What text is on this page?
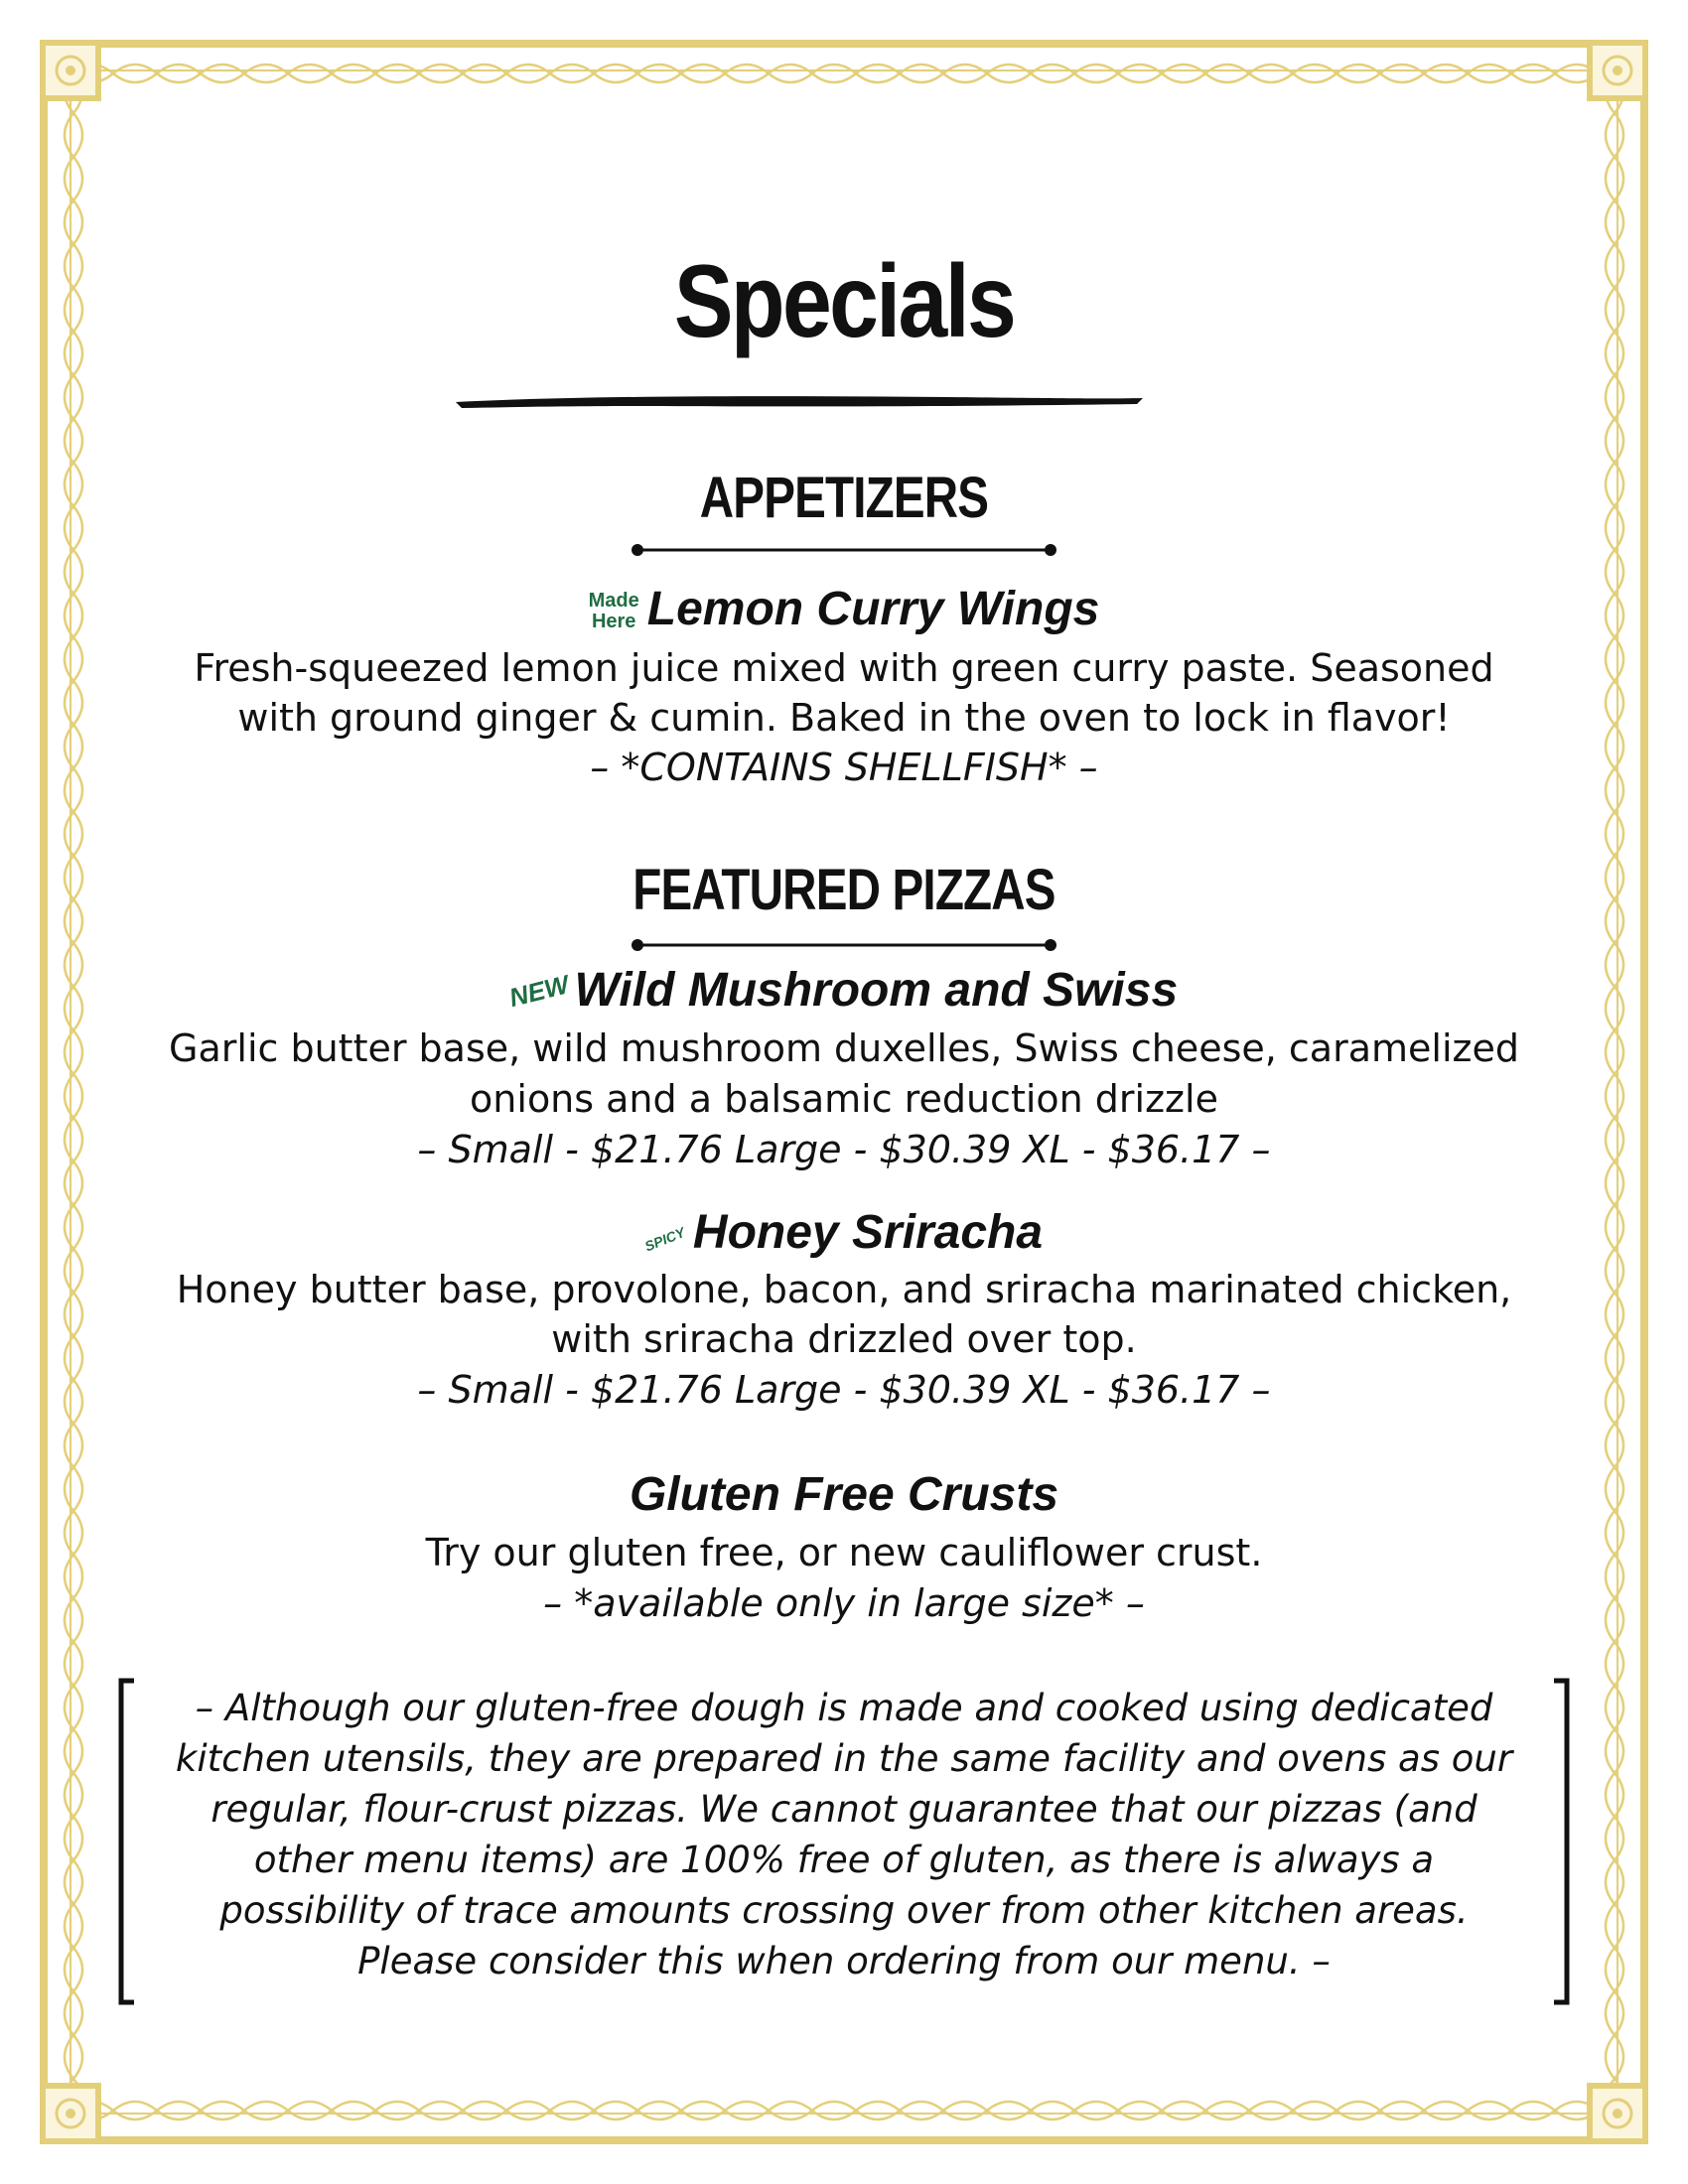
Specials
APPETIZERS
Made
Here Lemon Curry Wings
Fresh-squeezed lemon juice mixed with green curry paste. Seasoned
with ground ginger & cumin. Baked in the oven to lock in flavor!
– *CONTAINS SHELLFISH* –
FEATURED PIZZAS
NEWWild Mushroom and Swiss
Garlic butter base, wild mushroom duxelles, Swiss cheese, caramelized
onions and a balsamic reduction drizzle
– Small - $21.76 Large - $30.39 XL - $36.17 –
SPICY Honey Sriracha
Honey butter base, provolone, bacon, and sriracha marinated chicken,
with sriracha drizzled over top.
– Small - $21.76 Large - $30.39 XL - $36.17 –
Gluten Free Crusts
Try our gluten free, or new cauliflower crust.
– *available only in large size* –
– Although our gluten-free dough is made and cooked using dedicated
kitchen utensils, they are prepared in the same facility and ovens as our
regular, flour-crust pizzas. We cannot guarantee that our pizzas (and
other menu items) are 100% free of gluten, as there is always a
possibility of trace amounts crossing over from other kitchen areas.
Please consider this when ordering from our menu. –
